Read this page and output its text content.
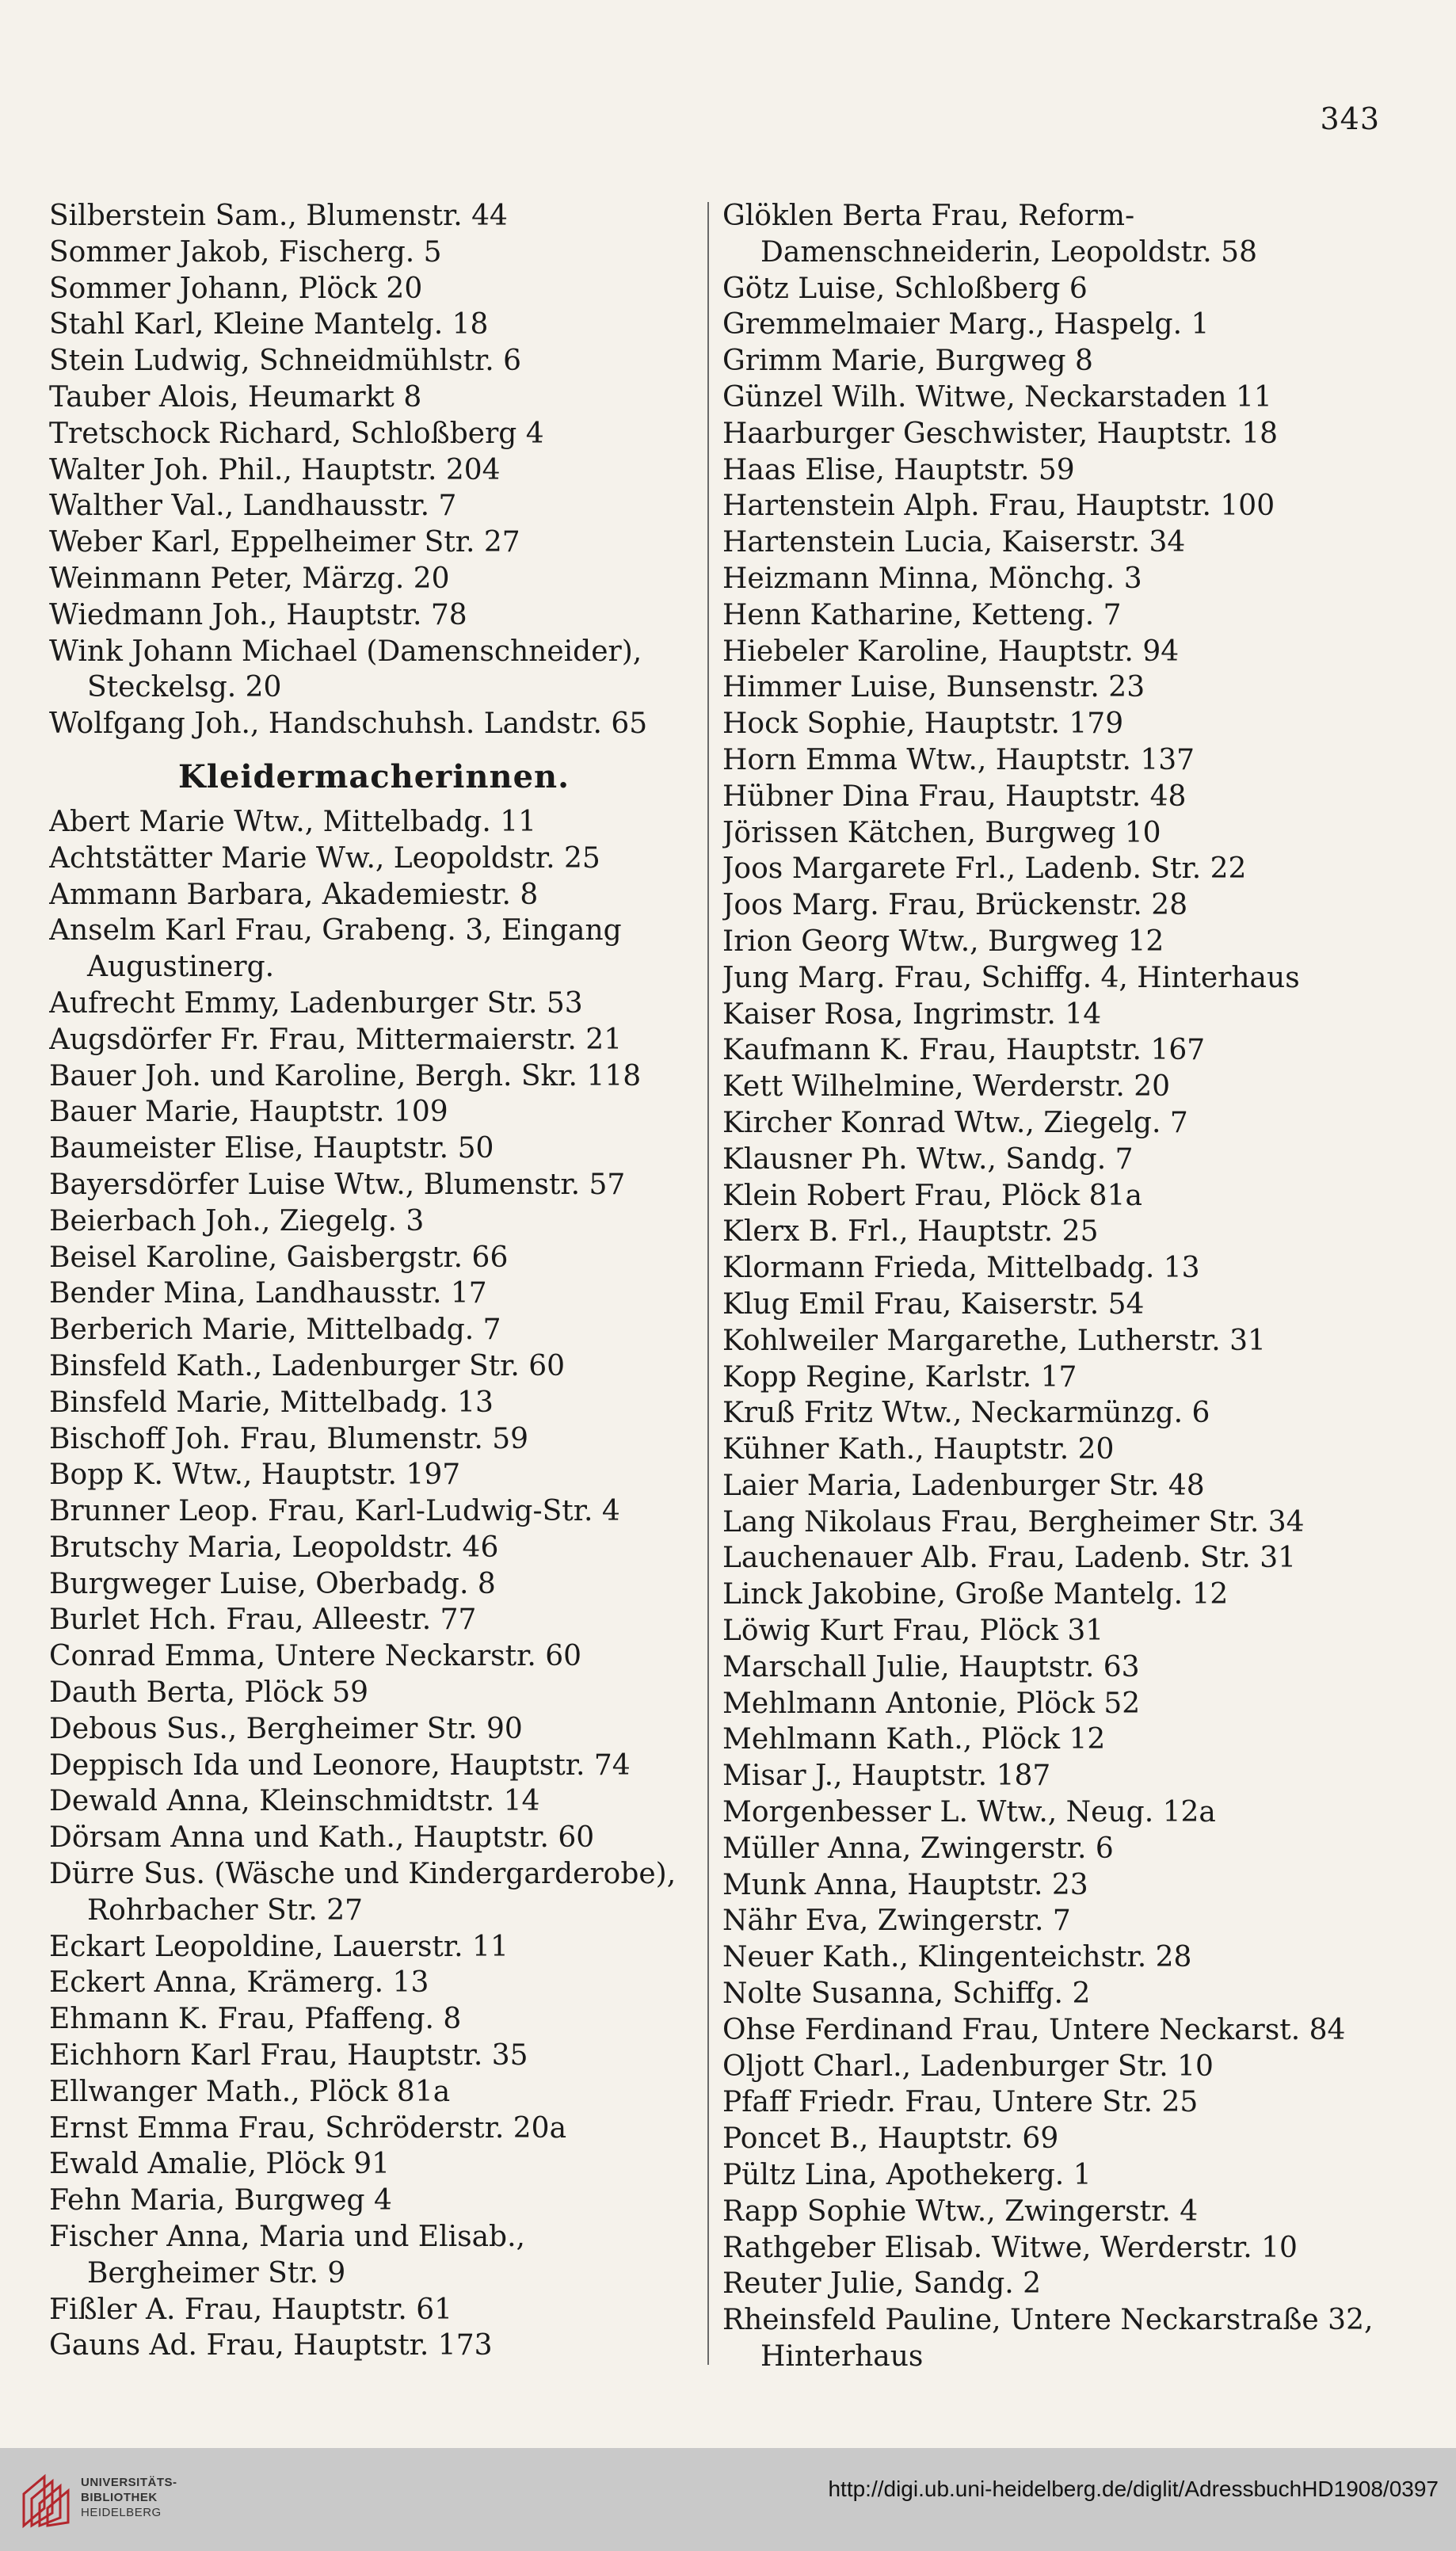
343
Silberstein Sam., Blumenstr. 44
Sommer Jakob, Fischerg. 5
Sommer Johann, Plöck 20
Stahl Karl, Kleine Mantelg. 18
Stein Ludwig, Schneidmühlstr. 6
Tauber Alois, Heumarkt 8
Tretschock Richard, Schloßberg 4
Walter Joh. Phil., Hauptstr. 204
Walther Val., Landhausstr. 7
Weber Karl, Eppelheimer Str. 27
Weinmann Peter, Märzg. 20
Wiedmann Joh., Hauptstr. 78
Wink Johann Michael (Damenschneider), Steckelsg. 20
Wolfgang Joh., Handschuhsh. Landstr. 65
Kleidermacherinnen.
Abert Marie Wtw., Mittelbadg. 11
Achtstätter Marie Ww., Leopoldstr. 25
Ammann Barbara, Akademiestr. 8
Anselm Karl Frau, Grabeng. 3, Eingang Augustinerg.
Aufrecht Emmy, Ladenburger Str. 53
Augsdörfer Fr. Frau, Mittermaierstr. 21
Bauer Joh. und Karoline, Bergh. Skr. 118
Bauer Marie, Hauptstr. 109
Baumeister Elise, Hauptstr. 50
Bayersdörfer Luise Wtw., Blumenstr. 57
Beierbach Joh., Ziegelg. 3
Beisel Karoline, Gaisbergstr. 66
Bender Mina, Landhausstr. 17
Berberich Marie, Mittelbadg. 7
Binsfeld Kath., Ladenburger Str. 60
Binsfeld Marie, Mittelbadg. 13
Bischoff Joh. Frau, Blumenstr. 59
Bopp K. Wtw., Hauptstr. 197
Brunner Leop. Frau, Karl-Ludwig-Str. 4
Brutschy Maria, Leopoldstr. 46
Burgweger Luise, Oberbadg. 8
Burlet Hch. Frau, Alleestr. 77
Conrad Emma, Untere Neckarstr. 60
Dauth Berta, Plöck 59
Debous Sus., Bergheimer Str. 90
Deppisch Ida und Leonore, Hauptstr. 74
Dewald Anna, Kleinschmidtstr. 14
Dörsam Anna und Kath., Hauptstr. 60
Dürre Sus. (Wäsche und Kindergarderobe), Rohrbacher Str. 27
Eckart Leopoldine, Lauerstr. 11
Eckert Anna, Krämerg. 13
Ehmann K. Frau, Pfaffeng. 8
Eichhorn Karl Frau, Hauptstr. 35
Ellwanger Math., Plöck 81a
Ernst Emma Frau, Schröderstr. 20a
Ewald Amalie, Plöck 91
Fehn Maria, Burgweg 4
Fischer Anna, Maria und Elisab., Bergheimer Str. 9
Fißler A. Frau, Hauptstr. 61
Gauns Ad. Frau, Hauptstr. 173
Glöklen Berta Frau, Reform-Damenschneiderin, Leopoldstr. 58
Götz Luise, Schloßberg 6
Gremmelmaier Marg., Haspelg. 1
Grimm Marie, Burgweg 8
Günzel Wilh. Witwe, Neckarstaden 11
Haarburger Geschwister, Hauptstr. 18
Haas Elise, Hauptstr. 59
Hartenstein Alph. Frau, Hauptstr. 100
Hartenstein Lucia, Kaiserstr. 34
Heizmann Minna, Mönchg. 3
Henn Katharine, Ketteng. 7
Hiebeler Karoline, Hauptstr. 94
Himmer Luise, Bunsenstr. 23
Hock Sophie, Hauptstr. 179
Horn Emma Wtw., Hauptstr. 137
Hübner Dina Frau, Hauptstr. 48
Jörissen Kätchen, Burgweg 10
Joos Margarete Frl., Ladenb. Str. 22
Joos Marg. Frau, Brückenstr. 28
Irion Georg Wtw., Burgweg 12
Jung Marg. Frau, Schiffg. 4, Hinterhaus
Kaiser Rosa, Ingrimstr. 14
Kaufmann K. Frau, Hauptstr. 167
Kett Wilhelmine, Werderstr. 20
Kircher Konrad Wtw., Ziegelg. 7
Klausner Ph. Wtw., Sandg. 7
Klein Robert Frau, Plöck 81a
Klerx B. Frl., Hauptstr. 25
Klormann Frieda, Mittelbadg. 13
Klug Emil Frau, Kaiserstr. 54
Kohlweiler Margarethe, Lutherstr. 31
Kopp Regine, Karlstr. 17
Kruß Fritz Wtw., Neckarmünzg. 6
Kühner Kath., Hauptstr. 20
Laier Maria, Ladenburger Str. 48
Lang Nikolaus Frau, Bergheimer Str. 34
Lauchenauer Alb. Frau, Ladenb. Str. 31
Linck Jakobine, Große Mantelg. 12
Löwig Kurt Frau, Plöck 31
Marschall Julie, Hauptstr. 63
Mehlmann Antonie, Plöck 52
Mehlmann Kath., Plöck 12
Misar J., Hauptstr. 187
Morgenbesser L. Wtw., Neug. 12a
Müller Anna, Zwingerstr. 6
Munk Anna, Hauptstr. 23
Nähr Eva, Zwingerstr. 7
Neuer Kath., Klingenteichstr. 28
Nolte Susanna, Schiffg. 2
Ohse Ferdinand Frau, Untere Neckarst. 84
Oljott Charl., Ladenburger Str. 10
Pfaff Friedr. Frau, Untere Str. 25
Poncet B., Hauptstr. 69
Pültz Lina, Apothekerg. 1
Rapp Sophie Wtw., Zwingerstr. 4
Rathgeber Elisab. Witwe, Werderstr. 10
Reuter Julie, Sandg. 2
Rheinsfeld Pauline, Untere Neckarstraße 32, Hinterhaus
UNIVERSITÄTS-
BIBLIOTHEK
HEIDELBERG
http://digi.ub.uni-heidelberg.de/diglit/AdressbuchHD1908/0397
